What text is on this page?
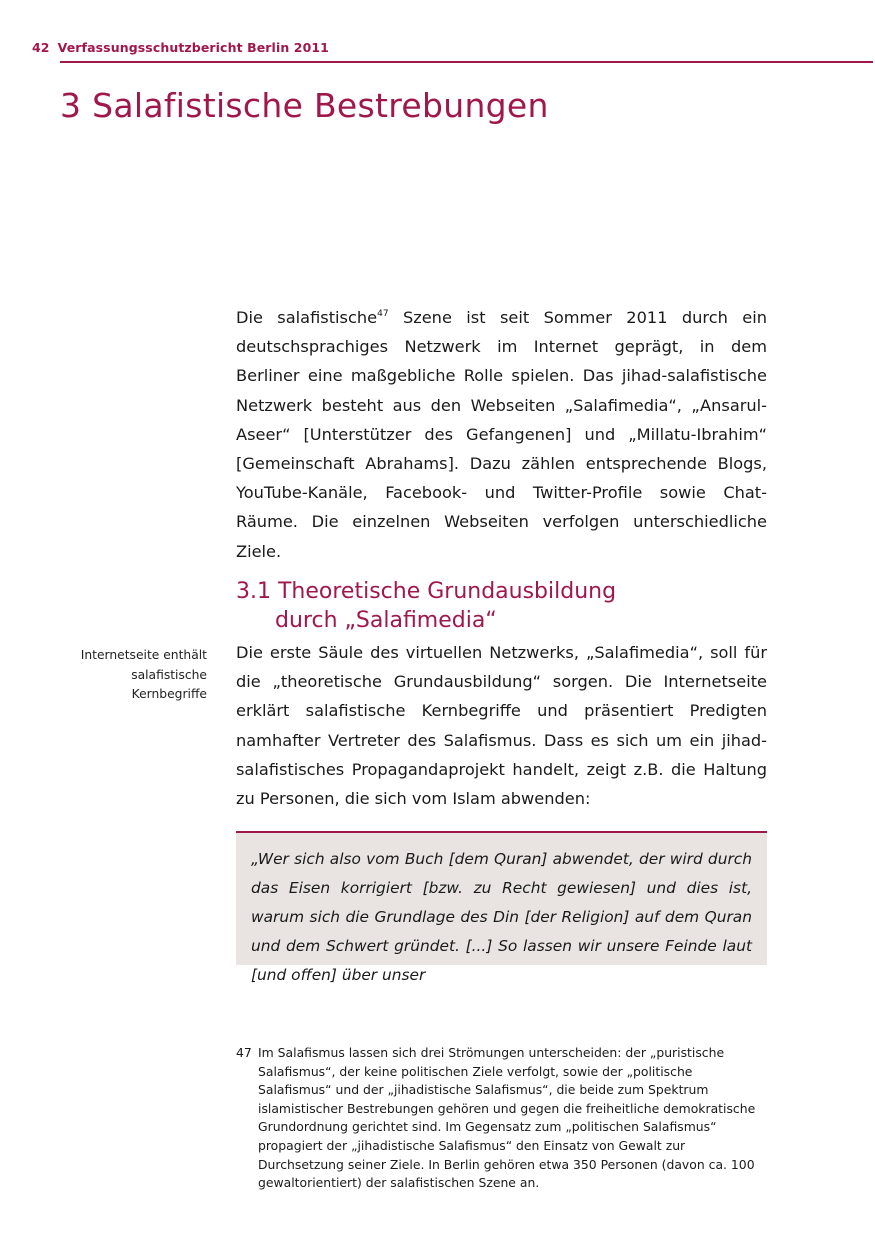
42 Verfassungsschutzbericht Berlin 2011
3 Salafistische Bestrebungen

Die salafistische$^{47}$ Szene ist seit Sommer 2011 durch ein deutschsprachiges Netzwerk im Internet geprägt, in dem Berliner eine maßgebliche Rolle spielen. Das jihad-salafistische Netzwerk besteht aus den Webseiten „Salafimedia“, „Ansarul-Aseer“ [Unterstützer des Gefangenen] und „Millatu-Ibrahim“ [Gemeinschaft Abrahams]. Dazu zählen entsprechende Blogs, YouTube-Kanäle, Facebook- und Twitter-Profile sowie Chat-Räume. Die einzelnen Webseiten verfolgen unterschiedliche Ziele.

3.1 Theoretische Grundausbildung
durch „Salafimedia“
Internetseite enthält salafistische Kernbegriffe

Die erste Säule des virtuellen Netzwerks, „Salafimedia“, soll für die „theoretische Grundausbildung“ sorgen. Die Internetseite erklärt salafistische Kernbegriffe und präsentiert Predigten namhafter Vertreter des Salafismus. Dass es sich um ein jihad-salafistisches Propagandaprojekt handelt, zeigt z.B. die Haltung zu Personen, die sich vom Islam abwenden:

„Wer sich also vom Buch [dem Quran] abwendet, der wird durch das Eisen korrigiert [bzw. zu Recht gewiesen] und dies ist, warum sich die Grundlage des Din [der Religion] auf dem Quran und dem Schwert gründet. [...] So lassen wir unsere Feinde laut [und offen] über unser

47 Im Salafismus lassen sich drei Strömungen unterscheiden: der „puristische Salafismus“, der keine politischen Ziele verfolgt, sowie der „politische Salafismus“ und der „jihadistische Salafismus“, die beide zum Spektrum islamistischer Bestrebungen gehören und gegen die freiheitliche demokratische Grundordnung gerichtet sind. Im Gegensatz zum „politischen Salafismus“ propagiert der „jihadistische Salafismus“ den Einsatz von Gewalt zur Durchsetzung seiner Ziele. In Berlin gehören etwa 350 Personen (davon ca. 100 gewaltorientiert) der salafistischen Szene an.
